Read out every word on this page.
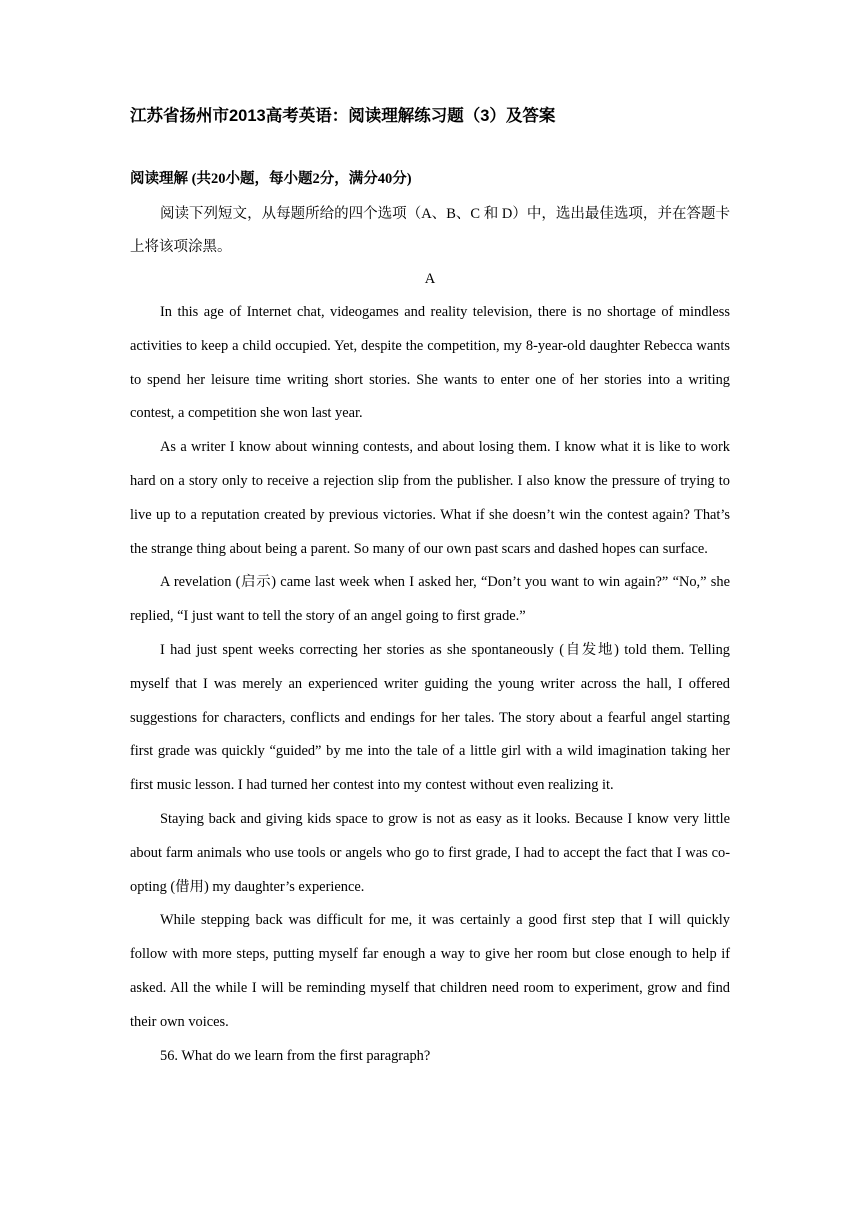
江苏省扬州市2013高考英语：阅读理解练习题（3）及答案
阅读理解 (共20小题，每小题2分，满分40分)
阅读下列短文，从每题所给的四个选项（A、B、C 和 D）中，选出最佳选项，并在答题卡上将该项涂黑。
A

In this age of Internet chat, videogames and reality television, there is no shortage of mindless activities to keep a child occupied. Yet, despite the competition, my 8-year-old daughter Rebecca wants to spend her leisure time writing short stories. She wants to enter one of her stories into a writing contest, a competition she won last year.

As a writer I know about winning contests, and about losing them. I know what it is like to work hard on a story only to receive a rejection slip from the publisher. I also know the pressure of trying to live up to a reputation created by previous victories. What if she doesn’t win the contest again? That’s the strange thing about being a parent. So many of our own past scars and dashed hopes can surface.

A revelation (启示) came last week when I asked her, “Don’t you want to win again?” “No,” she replied, “I just want to tell the story of an angel going to first grade.”

I had just spent weeks correcting her stories as she spontaneously (自发地) told them. Telling myself that I was merely an experienced writer guiding the young writer across the hall, I offered suggestions for characters, conflicts and endings for her tales. The story about a fearful angel starting first grade was quickly “guided” by me into the tale of a little girl with a wild imagination taking her first music lesson. I had turned her contest into my contest without even realizing it.

Staying back and giving kids space to grow is not as easy as it looks. Because I know very little about farm animals who use tools or angels who go to first grade, I had to accept the fact that I was co-opting (借用) my daughter’s experience.

While stepping back was difficult for me, it was certainly a good first step that I will quickly follow with more steps, putting myself far enough a way to give her room but close enough to help if asked. All the while I will be reminding myself that children need room to experiment, grow and find their own voices.

56. What do we learn from the first paragraph?
